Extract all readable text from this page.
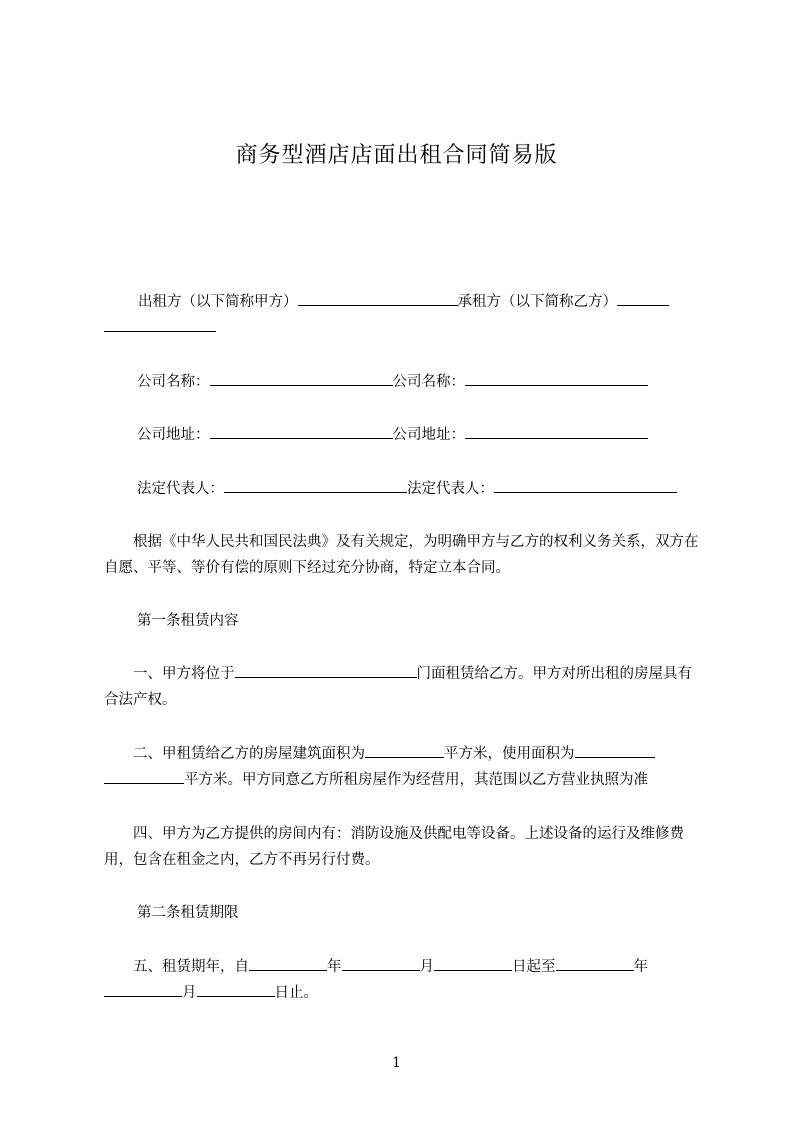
商务型酒店店面出租合同简易版
出租方（以下简称甲方）	承租方（以下简称乙方）
公司名称：	公司名称：
公司地址：	公司地址：
法定代表人：	法定代表人：
根据《中华人民共和国民法典》及有关规定，为明确甲方与乙方的权利义务关系，双方在自愿、平等、等价有偿的原则下经过充分协商，特定立本合同。
第一条租赁内容
一、甲方将位于	门面租赁给乙方。甲方对所出租的房屋具有合法产权。
二、甲租赁给乙方的房屋建筑面积为	平方米，使用面积为平方米。甲方同意乙方所租房屋作为经营用，其范围以乙方营业执照为准
四、甲方为乙方提供的房间内有：消防设施及供配电等设备。上述设备的运行及维修费用，包含在租金之内，乙方不再另行付费。
第二条租赁期限
五、租赁期年，自	年	月	日起至	年月	日止。
1
